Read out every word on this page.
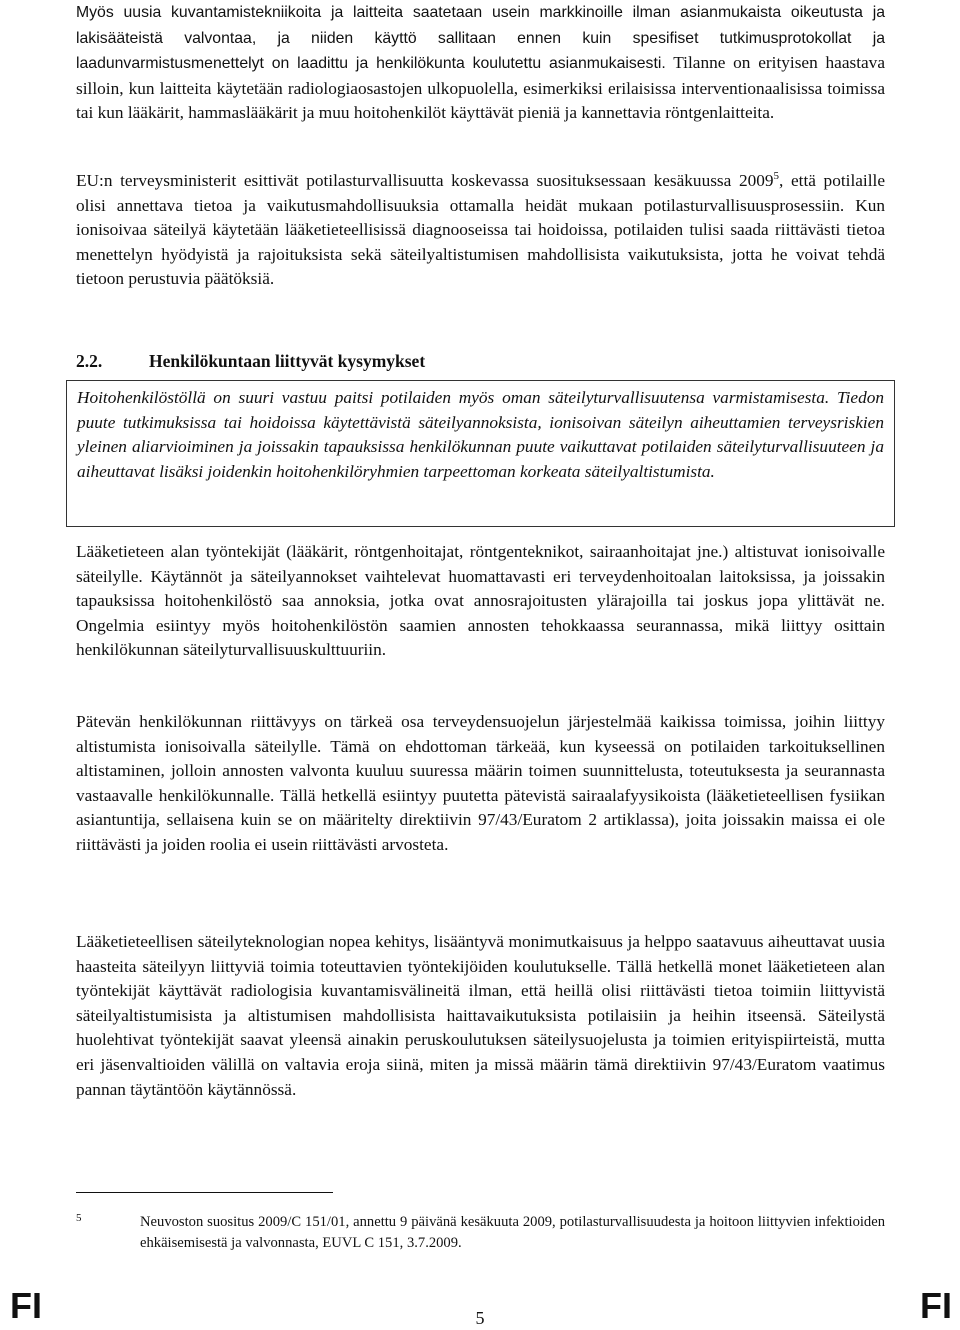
Myös uusia kuvantamistekniikoita ja laitteita saatetaan usein markkinoille ilman asianmukaista oikeutusta ja lakisääteistä valvontaa, ja niiden käyttö sallitaan ennen kuin spesifiset tutkimusprotokollat ja laadunvarmistusmenettelyt on laadittu ja henkilökunta koulutettu asianmukaisesti. Tilanne on erityisen haastava silloin, kun laitteita käytetään radiologiaosastojen ulkopuolella, esimerkiksi erilaisissa interventionaalisissa toimissa tai kun lääkärit, hammaslääkärit ja muu hoitohenkilöt käyttävät pieniä ja kannettavia röntgenlaitteita.

EU:n terveysministerit esittivät potilasturvallisuutta koskevassa suosituksessaan kesäkuussa 2009$^5$, että potilaille olisi annettava tietoa ja vaikutusmahdollisuuksia ottamalla heidät mukaan potilasturvallisuusprosessiin. Kun ionisoivaa säteilyä käytetään lääketieteellisissä diagnooseissa tai hoidoissa, potilaiden tulisi saada riittävästi tietoa menettelyn hyödyistä ja rajoituksista sekä säteilyaltistumisen mahdollisista vaikutuksista, jotta he voivat tehdä tietoon perustuvia päätöksiä.

2.2.	Henkilökuntaan liittyvät kysymykset

Hoitohenkilöstöllä on suuri vastuu paitsi potilaiden myös oman säteilyturvallisuutensa varmistamisesta. Tiedon puute tutkimuksissa tai hoidoissa käytettävistä säteilyannoksista, ionisoivan säteilyn aiheuttamien terveysriskien yleinen aliarvioiminen ja joissakin tapauksissa henkilökunnan puute vaikuttavat potilaiden säteilyturvallisuuteen ja aiheuttavat lisäksi joidenkin hoitohenkilöryhmien tarpeettoman korkeata säteilyaltistumista.

Lääketieteen alan työntekijät (lääkärit, röntgenhoitajat, röntgenteknikot, sairaanhoitajat jne.) altistuvat ionisoivalle säteilylle. Käytännöt ja säteilyannokset vaihtelevat huomattavasti eri terveydenhoitoalan laitoksissa, ja joissakin tapauksissa hoitohenkilöstö saa annoksia, jotka ovat annosrajoitusten ylärajoilla tai joskus jopa ylittävät ne. Ongelmia esiintyy myös hoitohenkilöstön saamien annosten tehokkaassa seurannassa, mikä liittyy osittain henkilökunnan säteilyturvallisuuskulttuuriin.

Pätevän henkilökunnan riittävyys on tärkeä osa terveydensuojelun järjestelmää kaikissa toimissa, joihin liittyy altistumista ionisoivalla säteilylle. Tämä on ehdottoman tärkeää, kun kyseessä on potilaiden tarkoituksellinen altistaminen, jolloin annosten valvonta kuuluu suuressa määrin toimen suunnittelusta, toteutuksesta ja seurannasta vastaavalle henkilökunnalle. Tällä hetkellä esiintyy puutetta pätevistä sairaalafyysikoista (lääketieteellisen fysiikan asiantuntija, sellaisena kuin se on määritelty direktiivin 97/43/Euratom 2 artiklassa), joita joissakin maissa ei ole riittävästi ja joiden roolia ei usein riittävästi arvosteta.

Lääketieteellisen säteilyteknologian nopea kehitys, lisääntyvä monimutkaisuus ja helppo saatavuus aiheuttavat uusia haasteita säteilyyn liittyviä toimia toteuttavien työntekijöiden koulutukselle. Tällä hetkellä monet lääketieteen alan työntekijät käyttävät radiologisia kuvantamisvälineitä ilman, että heillä olisi riittävästi tietoa toimiin liittyvistä säteilyaltistumisista ja altistumisen mahdollisista haittavaikutuksista potilaisiin ja heihin itseensä. Säteilystä huolehtivat työntekijät saavat yleensä ainakin peruskoulutuksen säteilysuojelusta ja toimien erityispiirteistä, mutta eri jäsenvaltioiden välillä on valtavia eroja siinä, miten ja missä määrin tämä direktiivin 97/43/Euratom vaatimus pannan täytäntöön käytännössä.

5	Neuvoston suositus 2009/C 151/01, annettu 9 päivänä kesäkuuta 2009, potilasturvallisuudesta ja hoitoon liittyvien infektioiden ehkäisemisestä ja valvonnasta, EUVL C 151, 3.7.2009.
FI	5	FI
